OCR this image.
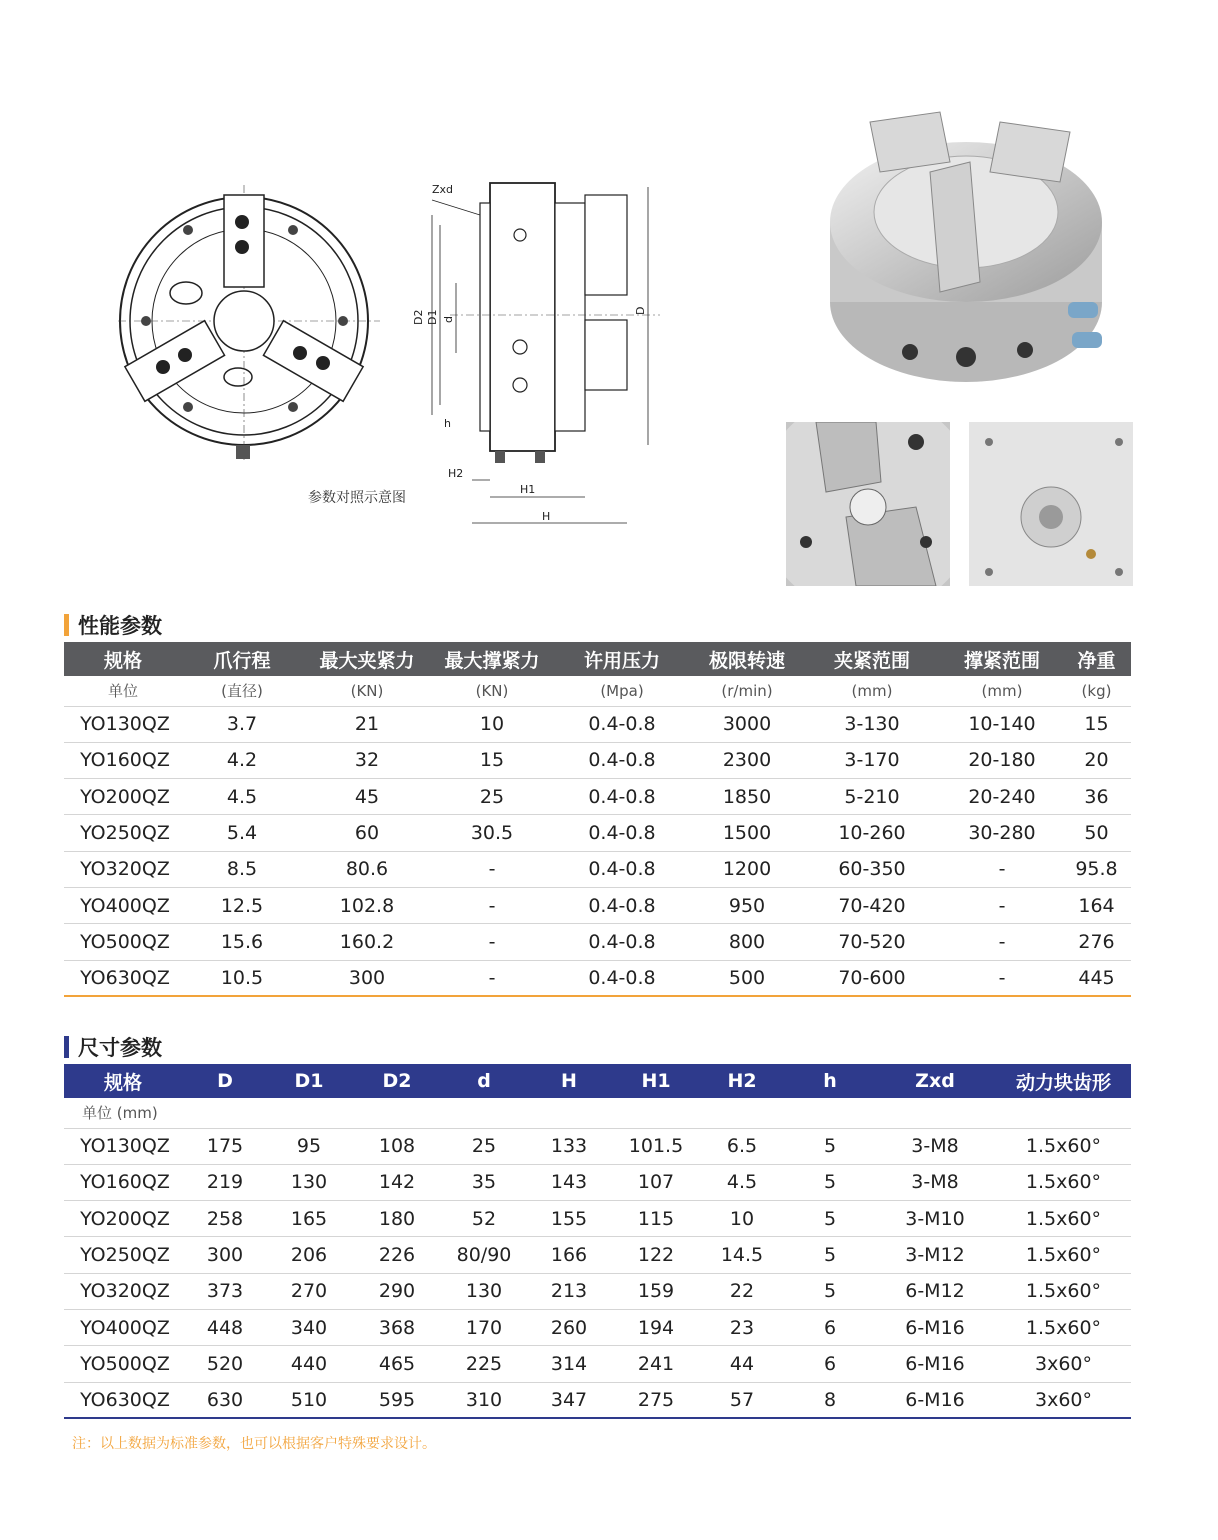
Zxd
D2 D1 d
h
D
H2
H1
H
参数对照示意图
性能参数
规格	爪行程	最大夹紧力	最大撑紧力	许用压力	极限转速	夹紧范围	撑紧范围	净重
单位	(直径)	(KN)	(KN)	(Mpa)	(r/min)	(mm)	(mm)	(kg)
YO130QZ	3.7	21	10	0.4-0.8	3000	3-130	10-140	15
YO160QZ	4.2	32	15	0.4-0.8	2300	3-170	20-180	20
YO200QZ	4.5	45	25	0.4-0.8	1850	5-210	20-240	36
YO250QZ	5.4	60	30.5	0.4-0.8	1500	10-260	30-280	50
YO320QZ	8.5	80.6	-	0.4-0.8	1200	60-350	-	95.8
YO400QZ	12.5	102.8	-	0.4-0.8	950	70-420	-	164
YO500QZ	15.6	160.2	-	0.4-0.8	800	70-520	-	276
YO630QZ	10.5	300	-	0.4-0.8	500	70-600	-	445
尺寸参数
规格	D	D1	D2	d	H	H1	H2	h	Zxd	动力块齿形
单位 (mm)										
YO130QZ	175	95	108	25	133	101.5	6.5	5	3-M8	1.5x60°
YO160QZ	219	130	142	35	143	107	4.5	5	3-M8	1.5x60°
YO200QZ	258	165	180	52	155	115	10	5	3-M10	1.5x60°
YO250QZ	300	206	226	80/90	166	122	14.5	5	3-M12	1.5x60°
YO320QZ	373	270	290	130	213	159	22	5	6-M12	1.5x60°
YO400QZ	448	340	368	170	260	194	23	6	6-M16	1.5x60°
YO500QZ	520	440	465	225	314	241	44	6	6-M16	3x60°
YO630QZ	630	510	595	310	347	275	57	8	6-M16	3x60°
注：以上数据为标准参数，也可以根据客户特殊要求设计。
